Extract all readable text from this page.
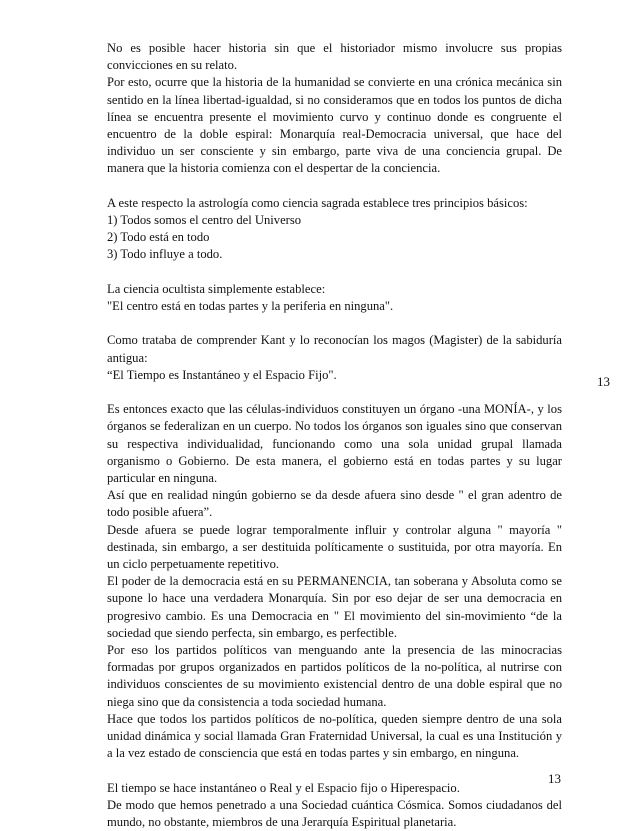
No es posible hacer historia sin que el historiador mismo involucre sus propias convicciones en su relato.

Por esto, ocurre que la historia de la humanidad se convierte en una crónica mecánica sin sentido en la línea libertad-igualdad, si no consideramos que en todos los puntos de dicha línea se encuentra presente el movimiento curvo y continuo donde es congruente el encuentro de la doble espiral: Monarquía real-Democracia universal, que hace del individuo un ser consciente y sin embargo, parte viva de una conciencia grupal. De manera que la historia comienza con el despertar de la conciencia.

A este respecto la astrología como ciencia sagrada establece tres principios básicos:

1) Todos somos el centro del Universo

2) Todo está en todo

3) Todo influye a todo.

La ciencia ocultista simplemente establece:

"El centro está en todas partes y la periferia en ninguna".

Como trataba de comprender Kant y lo reconocían los magos (Magister) de la sabiduría antigua:

“El Tiempo es Instantáneo y el Espacio Fijo".

Es entonces exacto que las células-individuos constituyen un órgano -una MONÍA-, y los órganos se federalizan en un cuerpo. No todos los órganos son iguales sino que conservan su respectiva individualidad, funcionando como una sola unidad grupal llamada organismo o Gobierno. De esta manera, el gobierno está en todas partes y su lugar particular en ninguna.

Así que en realidad ningún gobierno se da desde afuera sino desde " el gran adentro de todo posible afuera”.

Desde afuera se puede lograr temporalmente influir y controlar alguna " mayoría " destinada, sin embargo, a ser destituida políticamente o sustituida, por otra mayoría. En un ciclo perpetuamente repetitivo.

El poder de la democracia está en su PERMANENCIA, tan soberana y Absoluta como se supone lo hace una verdadera Monarquía. Sin por eso dejar de ser una democracia en progresivo cambio. Es una Democracia en " El movimiento del sin-movimiento “de la sociedad que siendo perfecta, sin embargo, es perfectible.

Por eso los partidos políticos van menguando ante la presencia de las minocracias formadas por grupos organizados en partidos políticos de la no-política, al nutrirse con individuos conscientes de su movimiento existencial dentro de una doble espiral que no niega sino que da consistencia a toda sociedad humana.

Hace que todos los partidos políticos de no-política, queden siempre dentro de una sola unidad dinámica y social llamada Gran Fraternidad Universal, la cual es una Institución y a la vez estado de consciencia que está en todas partes y sin embargo, en ninguna.

El tiempo se hace instantáneo o Real y el Espacio fijo o Hiperespacio.

De modo que hemos penetrado a una Sociedad cuántica Cósmica. Somos ciudadanos del mundo, no obstante, miembros de una Jerarquía Espiritual planetaria.

13
13
